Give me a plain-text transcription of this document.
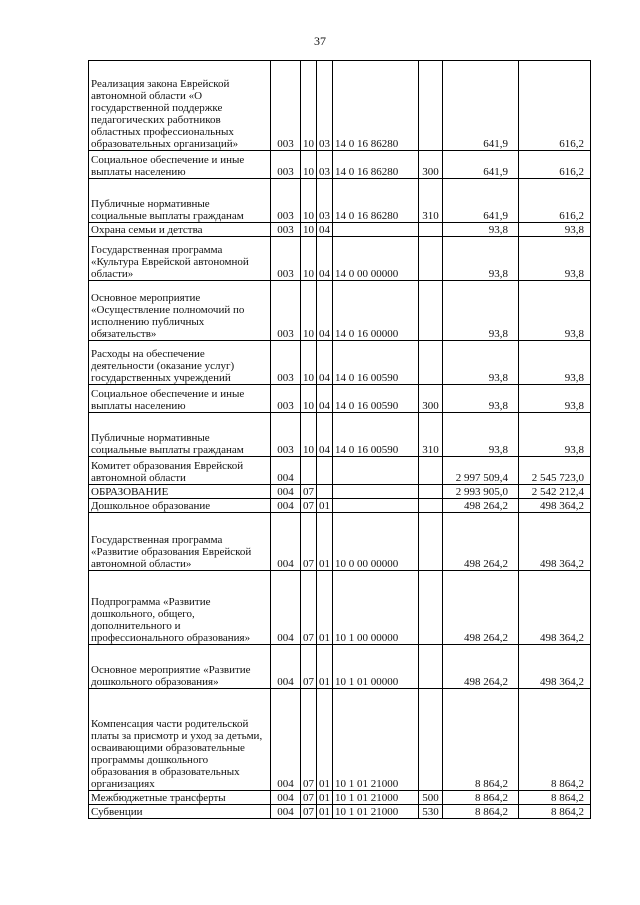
37
Реализация закона Еврейской автономной области «О государственной поддержке педагогических работников областных профессиональных образовательных организаций»	003	10	03	14 0 16 86280		641,9	616,2
Социальное обеспечение и иные выплаты населению	003	10	03	14 0 16 86280	300	641,9	616,2
Публичные нормативные социальные выплаты гражданам	003	10	03	14 0 16 86280	310	641,9	616,2
Охрана семьи и детства	003	10	04			93,8	93,8
Государственная программа «Культура Еврейской автономной области»	003	10	04	14 0 00 00000		93,8	93,8
Основное мероприятие «Осуществление полномочий по исполнению публичных обязательств»	003	10	04	14 0 16 00000		93,8	93,8
Расходы на обеспечение деятельности (оказание услуг) государственных учреждений	003	10	04	14 0 16 00590		93,8	93,8
Социальное обеспечение и иные выплаты населению	003	10	04	14 0 16 00590	300	93,8	93,8
Публичные нормативные социальные выплаты гражданам	003	10	04	14 0 16 00590	310	93,8	93,8
Комитет образования Еврейской автономной области	004					2 997 509,4	2 545 723,0
ОБРАЗОВАНИЕ	004	07				2 993 905,0	2 542 212,4
Дошкольное образование	004	07	01			498 264,2	498 364,2
Государственная программа «Развитие образования Еврейской автономной области»	004	07	01	10 0 00 00000		498 264,2	498 364,2
Подпрограмма «Развитие дошкольного, общего, дополнительного и профессионального образования»	004	07	01	10 1 00 00000		498 264,2	498 364,2
Основное мероприятие «Развитие дошкольного образования»	004	07	01	10 1 01 00000		498 264,2	498 364,2
Компенсация части родительской платы за присмотр и уход за детьми, осваивающими образовательные программы дошкольного образования в образовательных организациях	004	07	01	10 1 01 21000		8 864,2	8 864,2
Межбюджетные трансферты	004	07	01	10 1 01 21000	500	8 864,2	8 864,2
Субвенции	004	07	01	10 1 01 21000	530	8 864,2	8 864,2
